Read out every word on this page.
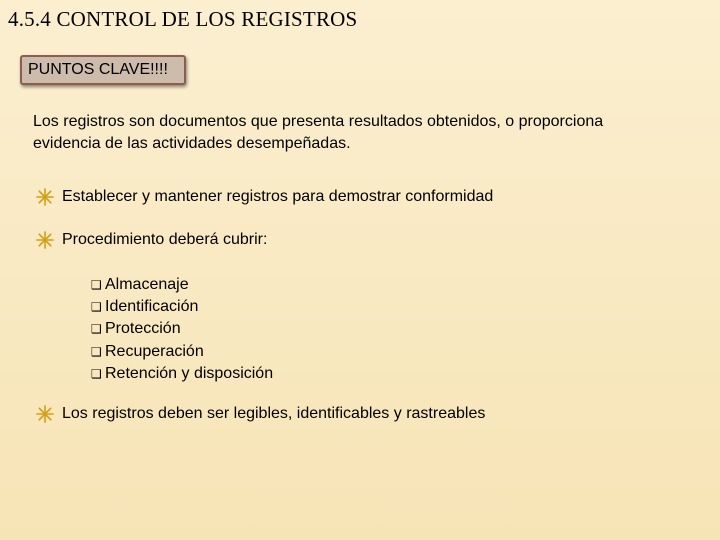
4.5.4 CONTROL DE LOS REGISTROS
PUNTOS CLAVE!!!!
Los registros son documentos que presenta resultados obtenidos, o proporciona evidencia de las actividades desempeñadas.
Establecer y mantener registros para demostrar conformidad
Procedimiento deberá cubrir:
❑ Almacenaje
❑ Identificación
❑ Protección
❑ Recuperación
❑ Retención y disposición
Los registros deben ser legibles, identificables y rastreables
